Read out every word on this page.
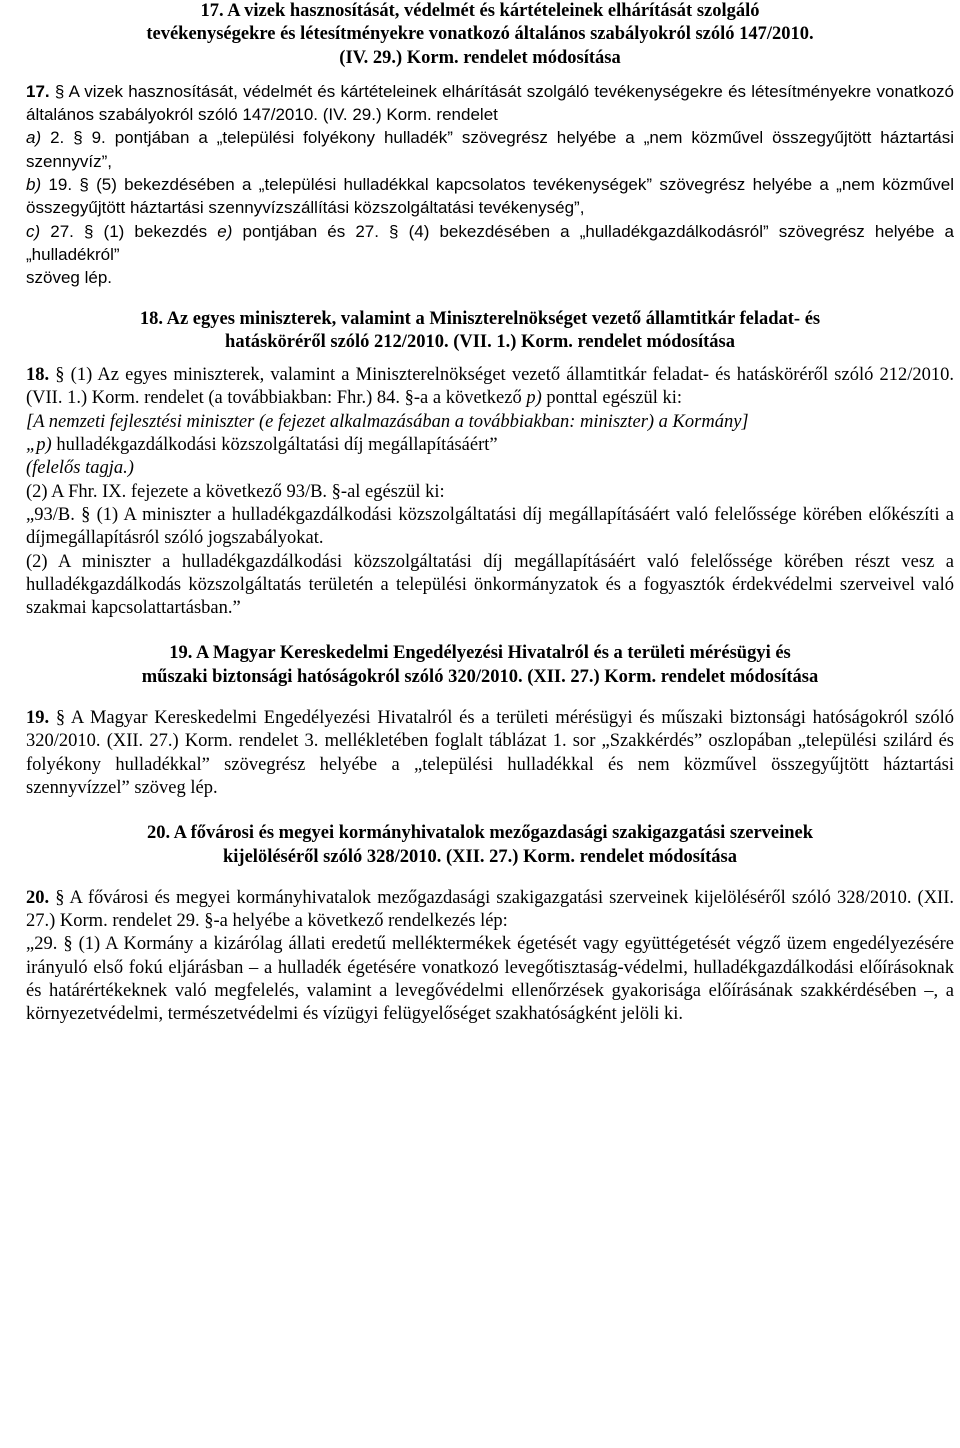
17. A vizek hasznosítását, védelmét és kártételeinek elhárítását szolgáló
tevékenységekre és létesítményekre vonatkozó általános szabályokról szóló 147/2010.
(IV. 29.) Korm. rendelet módosítása

17. § A vizek hasznosítását, védelmét és kártételeinek elhárítását szolgáló tevékenységekre és létesítményekre vonatkozó általános szabályokról szóló 147/2010. (IV. 29.) Korm. rendelet

a) 2. § 9. pontjában a „települési folyékony hulladék” szövegrész helyébe a „nem közművel összegyűjtött háztartási szennyvíz”,

b) 19. § (5) bekezdésében a „települési hulladékkal kapcsolatos tevékenységek” szövegrész helyébe a „nem közművel összegyűjtött háztartási szennyvízszállítási közszolgáltatási tevékenység”,

c) 27. § (1) bekezdés e) pontjában és 27. § (4) bekezdésében a „hulladékgazdálkodásról” szövegrész helyébe a „hulladékról”

szöveg lép.

18. Az egyes miniszterek, valamint a Miniszterelnökséget vezető államtitkár feladat- és
hatásköréről szóló 212/2010. (VII. 1.) Korm. rendelet módosítása

18. § (1) Az egyes miniszterek, valamint a Miniszterelnökséget vezető államtitkár feladat- és hatásköréről szóló 212/2010. (VII. 1.) Korm. rendelet (a továbbiakban: Fhr.) 84. §-a a következő p) ponttal egészül ki:

[A nemzeti fejlesztési miniszter (e fejezet alkalmazásában a továbbiakban: miniszter) a Kormány]

„p) hulladékgazdálkodási közszolgáltatási díj megállapításáért”

(felelős tagja.)

(2) A Fhr. IX. fejezete a következő 93/B. §-al egészül ki:

„93/B. § (1) A miniszter a hulladékgazdálkodási közszolgáltatási díj megállapításáért való felelőssége körében előkészíti a díjmegállapításról szóló jogszabályokat.

(2) A miniszter a hulladékgazdálkodási közszolgáltatási díj megállapításáért való felelőssége körében részt vesz a hulladékgazdálkodás közszolgáltatás területén a települési önkormányzatok és a fogyasztók érdekvédelmi szerveivel való szakmai kapcsolattartásban.”

19. A Magyar Kereskedelmi Engedélyezési Hivatalról és a területi mérésügyi és
műszaki biztonsági hatóságokról szóló 320/2010. (XII. 27.) Korm. rendelet módosítása

19. § A Magyar Kereskedelmi Engedélyezési Hivatalról és a területi mérésügyi és műszaki biztonsági hatóságokról szóló 320/2010. (XII. 27.) Korm. rendelet 3. mellékletében foglalt táblázat 1. sor „Szakkérdés” oszlopában „települési szilárd és folyékony hulladékkal” szövegrész helyébe a „települési hulladékkal és nem közművel összegyűjtött háztartási szennyvízzel” szöveg lép.

20. A fővárosi és megyei kormányhivatalok mezőgazdasági szakigazgatási szerveinek
kijelöléséről szóló 328/2010. (XII. 27.) Korm. rendelet módosítása

20. § A fővárosi és megyei kormányhivatalok mezőgazdasági szakigazgatási szerveinek kijelöléséről szóló 328/2010. (XII. 27.) Korm. rendelet 29. §-a helyébe a következő rendelkezés lép:

„29. § (1) A Kormány a kizárólag állati eredetű melléktermékek égetését vagy együttégetését végző üzem engedélyezésére irányuló első fokú eljárásban – a hulladék égetésére vonatkozó levegőtisztaság-védelmi, hulladékgazdálkodási előírásoknak és határértékeknek való megfelelés, valamint a levegővédelmi ellenőrzések gyakorisága előírásának szakkérdésében –, a környezetvédelmi, természetvédelmi és vízügyi felügyelőséget szakhatóságként jelöli ki.
